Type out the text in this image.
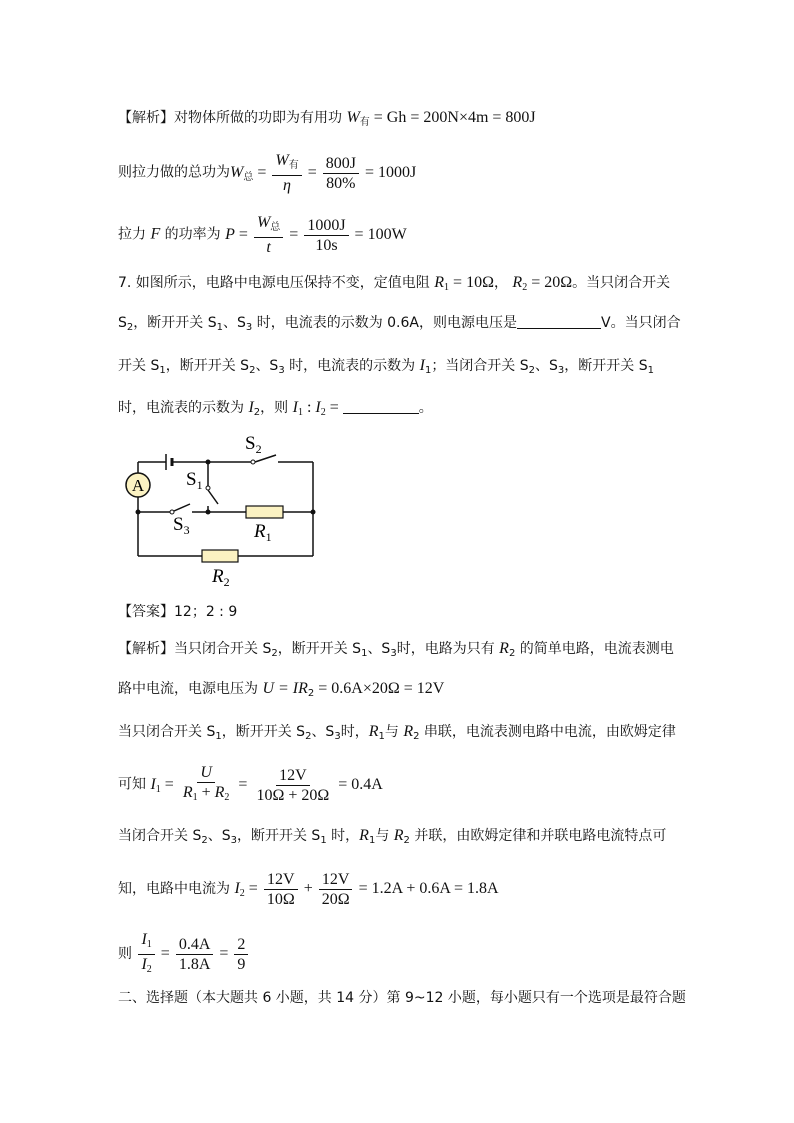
【解析】对物体所做的功即为有用功 $W_有 = Gh = 200N\times 4m = 800J$
则拉力做的总功为$W_总 = \frac{W_有}{\eta} = \frac{800J}{80\%} = 1000J$
拉力 F 的功率为 $P = \frac{W_总}{t} = \frac{1000J}{10s} = 100W$
7. 如图所示，电路中电源电压保持不变，定值电阻 $R_1 = 10\Omega$， $R_2 = 20\Omega$。当只闭合开关
$S_2$，断开开关 $S_1$、$S_3$ 时，电流表的示数为 0.6A，则电源电压是	V。当只闭合
开关 $S_1$，断开开关 $S_2$、$S_3$ 时，电流表的示数为 $I_1$；当闭合开关 $S_2$、$S_3$，断开开关 $S_1$
时，电流表的示数为 $I_2$，则 $I_1$ : $I_2$ =	。
A
$S_2$
$S_1$
$S_3$	$R_1$
$R_2$
【答案】12；2 : 9
【解析】当只闭合开关 $S_2$，断开开关 $S_1$、$S_3$时，电路为只有 $R_2$ 的简单电路，电流表测电
路中电流，电源电压为 $U = IR_2 = 0.6A\times 20\Omega = 12V$
当只闭合开关 $S_1$，断开开关 $S_2$、$S_3$时，$R_1$与 $R_2$ 串联，电流表测电路中电流，由欧姆定律
可知 $I_1 = \frac{U}{R_1 + R_2} = \frac{12V}{10\Omega + 20\Omega} = 0.4A$
当闭合开关 $S_2$、$S_3$，断开开关 $S_1$ 时，$R_1$与 $R_2$ 并联，由欧姆定律和并联电路电流特点可
知，电路中电流为 $I_2 = \frac{12V}{10\Omega} + \frac{12V}{20\Omega} = 1.2A + 0.6A = 1.8A$
则 $\frac{I_1}{I_2} = \frac{0.4A}{1.8A} = \frac{2}{9}$
二、选择题（本大题共 6 小题，共 14 分）第 9~12 小题，每小题只有一个选项是最符合题
